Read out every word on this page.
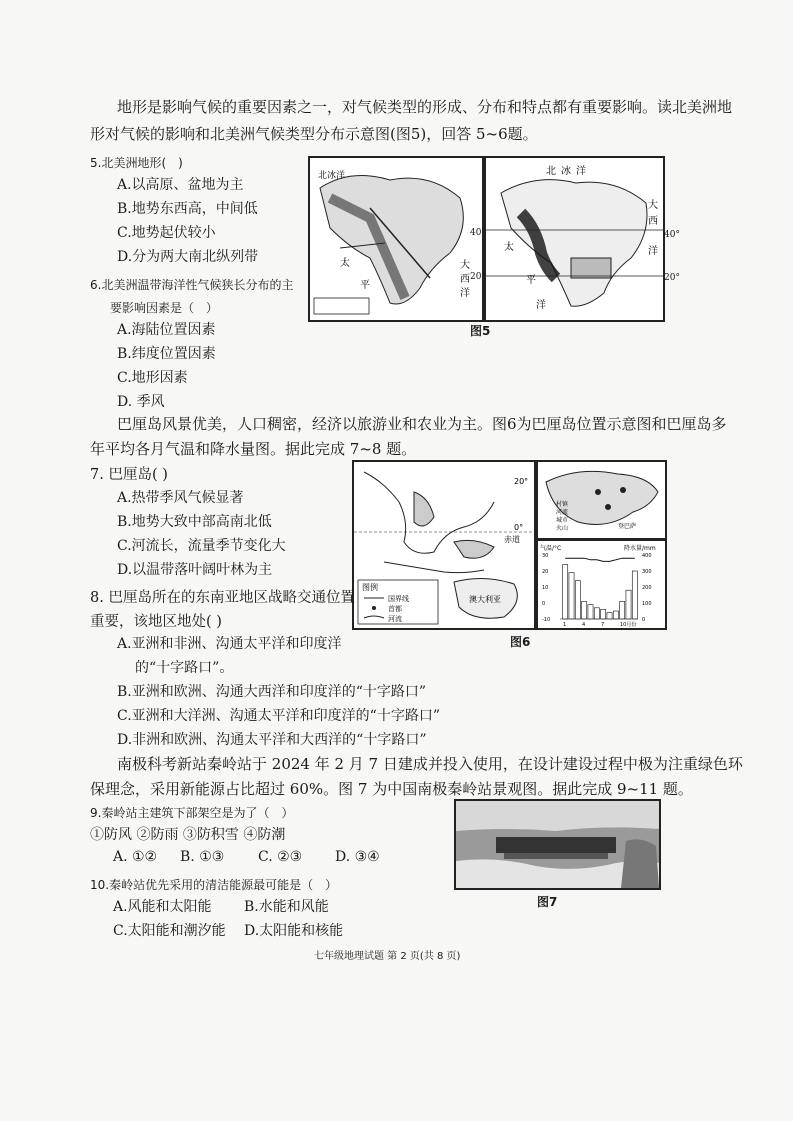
地形是影响气候的重要因素之一，对气候类型的形成、分布和特点都有重要影响。读北美洲地
形对气候的影响和北美洲气候类型分布示意图(图5)，回答 5~6题。
5.北美洲地形(　)
A.以高原、盆地为主
B.地势东西高，中间低
C.地势起伏较小
D.分为两大南北纵列带
6.北美洲温带海洋性气候狭长分布的主
要影响因素是（　）
A.海陆位置因素
B.纬度位置因素
C.地形因素
D. 季风
北冰洋
太
平
大
西
洋
北 冰 洋
大
西
洋
太
平
洋
40°
20°
40°
20°
图5
巴厘岛风景优美，人口稠密，经济以旅游业和农业为主。图6为巴厘岛位置示意图和巴厘岛多
年平均各月气温和降水量图。据此完成 7~8 题。
7. 巴厘岛( )
A.热带季风气候显著
B.地势大致中部高南北低
C.河流长，流量季节变化大
D.以温带落叶阔叶林为主
20°
0°
赤道
图例
国界线
首都
河流
澳大利亚
村镇
河流
城市
火山	登巴萨
气温/°C	降水量/mm
30
20
10
0
-10
400
300
200
100
0
1	4	7	10月份
图6
8. 巴厘岛所在的东南亚地区战略交通位置
重要，该地区地处( )
A.亚洲和非洲、沟通太平洋和印度洋
的“十字路口”。
B.亚洲和欧洲、沟通大西洋和印度洋的“十字路口”
C.亚洲和大洋洲、沟通太平洋和印度洋的“十字路口”
D.非洲和欧洲、沟通太平洋和大西洋的“十字路口”
南极科考新站秦岭站于 2024 年 2 月 7 日建成并投入使用，在设计建设过程中极为注重绿色环
保理念，采用新能源占比超过 60%。图 7 为中国南极秦岭站景观图。据此完成 9~11 题。
9.秦岭站主建筑下部架空是为了（　）
①防风 ②防雨 ③防积雪 ④防潮
A. ①② B. ①③ C. ②③ D. ③④
10.秦岭站优先采用的清洁能源最可能是（　）
A.风能和太阳能 B.水能和风能
C.太阳能和潮汐能 D.太阳能和核能
图7
七年级地理试题 第 2 页(共 8 页)
